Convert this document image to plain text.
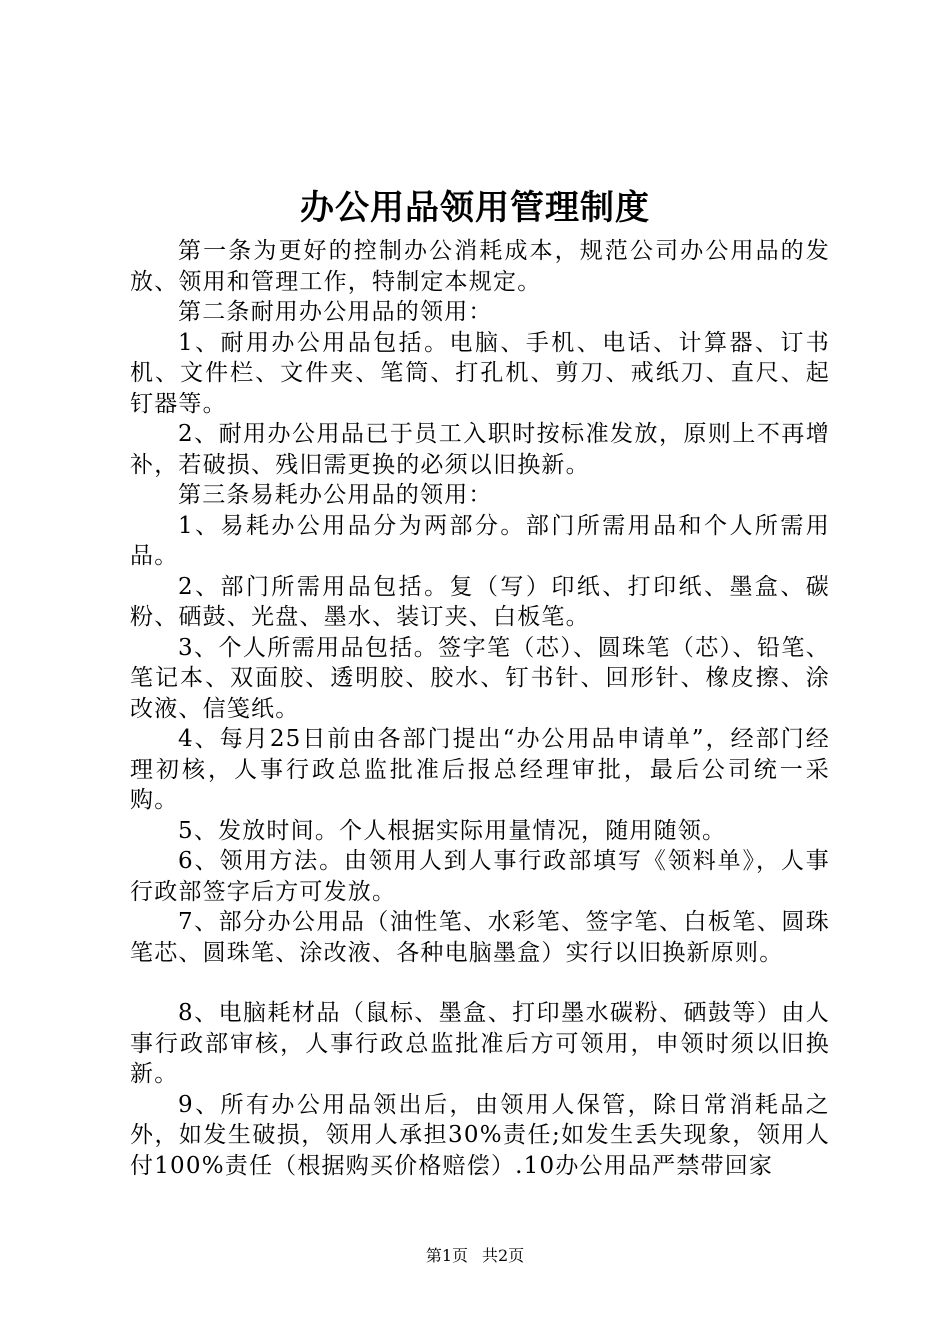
办公用品领用管理制度

第一条为更好的控制办公消耗成本，规范公司办公用品的发放、领用和管理工作，特制定本规定。

第二条耐用办公用品的领用：

1、耐用办公用品包括。电脑、手机、电话、计算器、订书机、文件栏、文件夹、笔筒、打孔机、剪刀、戒纸刀、直尺、起钉器等。

2、耐用办公用品已于员工入职时按标准发放，原则上不再增补，若破损、残旧需更换的必须以旧换新。

第三条易耗办公用品的领用：

1、易耗办公用品分为两部分。部门所需用品和个人所需用品。

2、部门所需用品包括。复（写）印纸、打印纸、墨盒、碳粉、硒鼓、光盘、墨水、装订夹、白板笔。

3、个人所需用品包括。签字笔（芯）、圆珠笔（芯）、铅笔、笔记本、双面胶、透明胶、胶水、钉书针、回形针、橡皮擦、涂改液、信笺纸。

4、每月25日前由各部门提出“办公用品申请单”，经部门经理初核，人事行政总监批准后报总经理审批，最后公司统一采购。

5、发放时间。个人根据实际用量情况，随用随领。

6、领用方法。由领用人到人事行政部填写《领料单》，人事行政部签字后方可发放。

7、部分办公用品（油性笔、水彩笔、签字笔、白板笔、圆珠笔芯、圆珠笔、涂改液、各种电脑墨盒）实行以旧换新原则。

8、电脑耗材品（鼠标、墨盒、打印墨水碳粉、硒鼓等）由人事行政部审核，人事行政总监批准后方可领用，申领时须以旧换新。

9、所有办公用品领出后，由领用人保管，除日常消耗品之外，如发生破损，领用人承担30%责任;如发生丢失现象，领用人付100%责任（根据购买价格赔偿）.10办公用品严禁带回家

第1页 共2页
